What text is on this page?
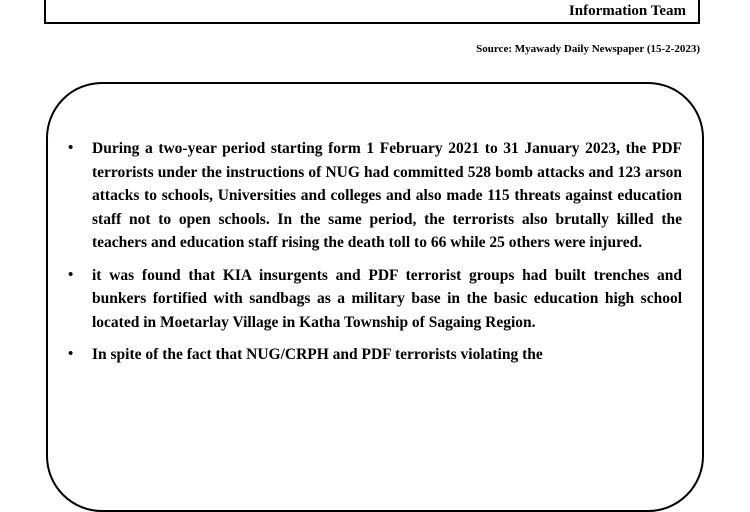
Information Team
Source: Myawady Daily Newspaper (15-2-2023)
• During a two-year period starting form 1 February 2021 to 31 January 2023, the PDF terrorists under the instructions of NUG had committed 528 bomb attacks and 123 arson attacks to schools, Universities and colleges and also made 115 threats against education staff not to open schools. In the same period, the terrorists also brutally killed the teachers and education staff rising the death toll to 66 while 25 others were injured.
• it was found that KIA insurgents and PDF terrorist groups had built trenches and bunkers fortified with sandbags as a military base in the basic education high school located in Moetarlay Village in Katha Township of Sagaing Region.
• In spite of the fact that NUG/CRPH and PDF terrorists violating the
